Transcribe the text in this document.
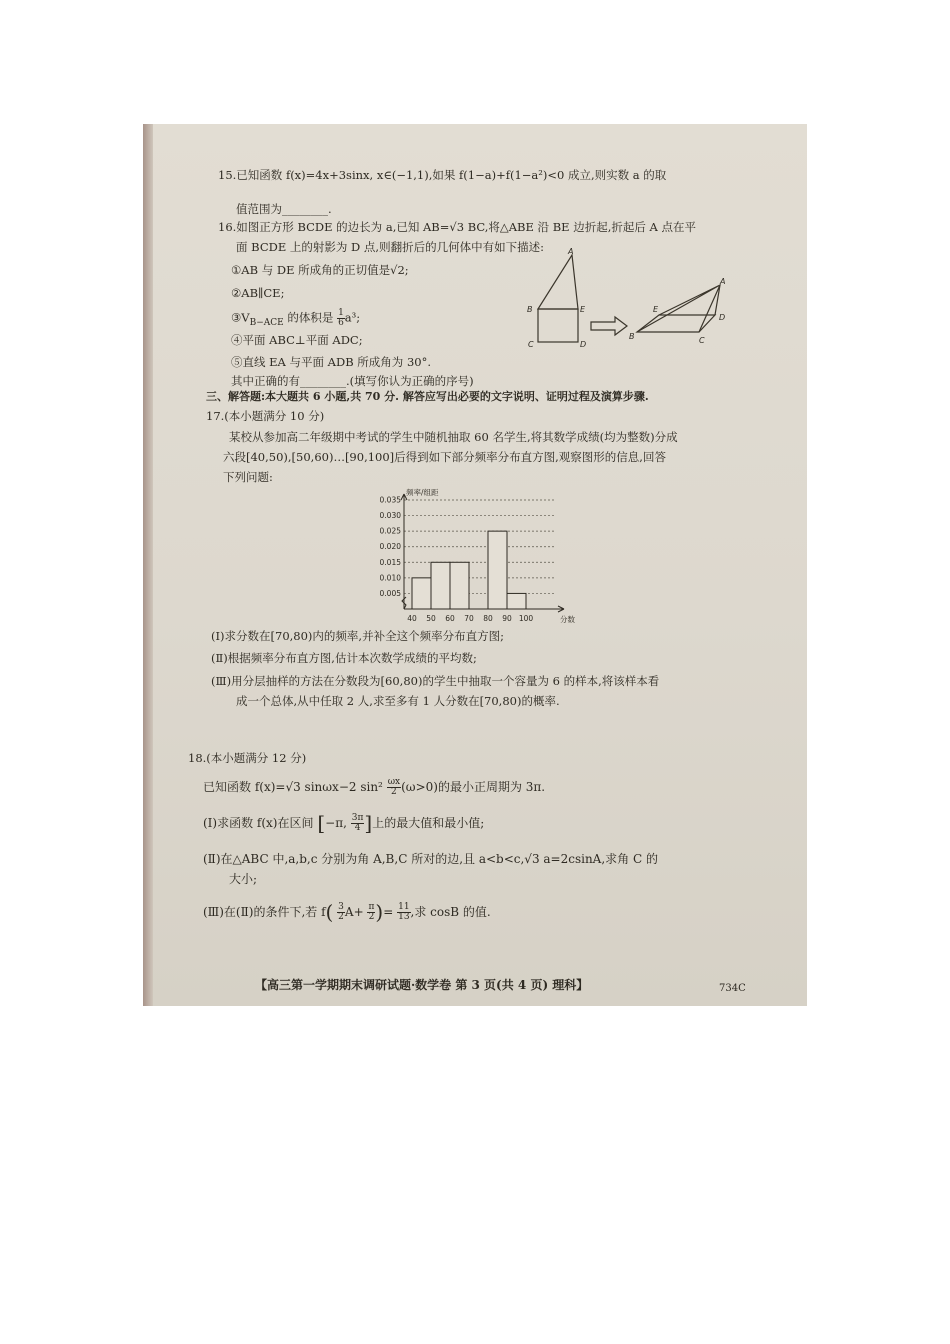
15.已知函数 f(x)=4x+3sinx, x∈(−1,1),如果 f(1−a)+f(1−a²)<0 成立,则实数 a 的取
值范围为________.
16.如图正方形 BCDE 的边长为 a,已知 AB=√3 BC,将△ABE 沿 BE 边折起,折起后 A 点在平
面 BCDE 上的射影为 D 点,则翻折后的几何体中有如下描述:
①AB 与 DE 所成角的正切值是√2;
②AB∥CE;
$③V_{B-ACE}$ 的体积是 $\frac{1}{6} a^3$;
④平面 ABC⊥平面 ADC;
⑤直线 EA 与平面 ADB 所成角为 30°.
其中正确的有________.(填写你认为正确的序号)
A
B	E
C	D
A
E
D
B	C
三、解答题:本大题共 6 小题,共 70 分. 解答应写出必要的文字说明、证明过程及演算步骤.
17.(本小题满分 10 分)
某校从参加高二年级期中考试的学生中随机抽取 60 名学生,将其数学成绩(均为整数)分成
六段[40,50),[50,60)…[90,100]后得到如下部分频率分布直方图,观察图形的信息,回答
下列问题:
0.005
0.010
0.015
0.020
0.025
0.030
0.035
40 50 60 70 80 90 100
频率/组距
分数
(Ⅰ)求分数在[70,80)内的频率,并补全这个频率分布直方图;
(Ⅱ)根据频率分布直方图,估计本次数学成绩的平均数;
(Ⅲ)用分层抽样的方法在分数段为[60,80)的学生中抽取一个容量为 6 的样本,将该样本看
成一个总体,从中任取 2 人,求至多有 1 人分数在[70,80)的概率.
18.(本小题满分 12 分)
已知函数 f(x)=√3 sinωx−2 $\sin^2 \frac{\omega x}{2} (\omega>0)$的最小正周期为 3π.
(Ⅰ)求函数 f(x)在区间 [−π, $\frac{3\pi}{4}$ ]上的最大值和最小值;
(Ⅱ)在△ABC 中,a,b,c 分别为角 A,B,C 所对的边,且 a<b<c,√3 a=2csinA,求角 C 的
大小;
(Ⅲ)在(Ⅱ)的条件下,若 $f( \frac{3}{2} A+ \frac{\pi}{2}$ )= $\frac{11}{13}$ ,求 cosB 的值.
【高三第一学期期末调研试题·数学卷 第 3 页(共 4 页) 理科】	734C
